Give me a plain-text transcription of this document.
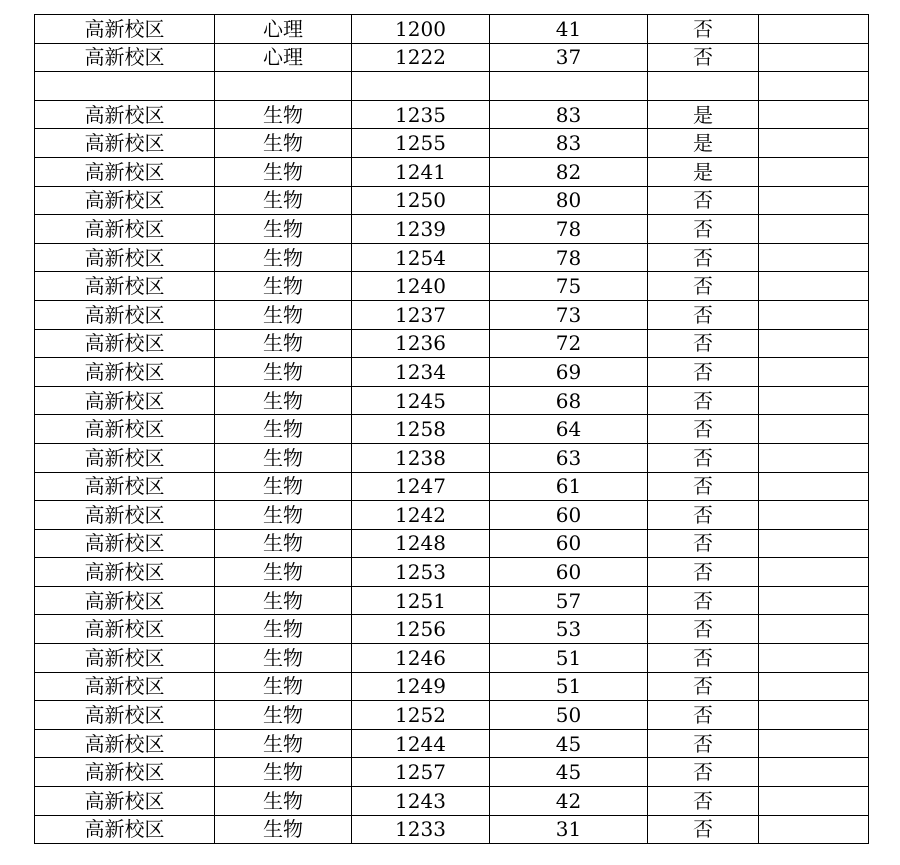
高新校区	心理	1200	41	否	
高新校区	心理	1222	37	否	

高新校区	生物	1235	83	是	
高新校区	生物	1255	83	是	
高新校区	生物	1241	82	是	
高新校区	生物	1250	80	否	
高新校区	生物	1239	78	否	
高新校区	生物	1254	78	否	
高新校区	生物	1240	75	否	
高新校区	生物	1237	73	否	
高新校区	生物	1236	72	否	
高新校区	生物	1234	69	否	
高新校区	生物	1245	68	否	
高新校区	生物	1258	64	否	
高新校区	生物	1238	63	否	
高新校区	生物	1247	61	否	
高新校区	生物	1242	60	否	
高新校区	生物	1248	60	否	
高新校区	生物	1253	60	否	
高新校区	生物	1251	57	否	
高新校区	生物	1256	53	否	
高新校区	生物	1246	51	否	
高新校区	生物	1249	51	否	
高新校区	生物	1252	50	否	
高新校区	生物	1244	45	否	
高新校区	生物	1257	45	否	
高新校区	生物	1243	42	否	
高新校区	生物	1233	31	否	
